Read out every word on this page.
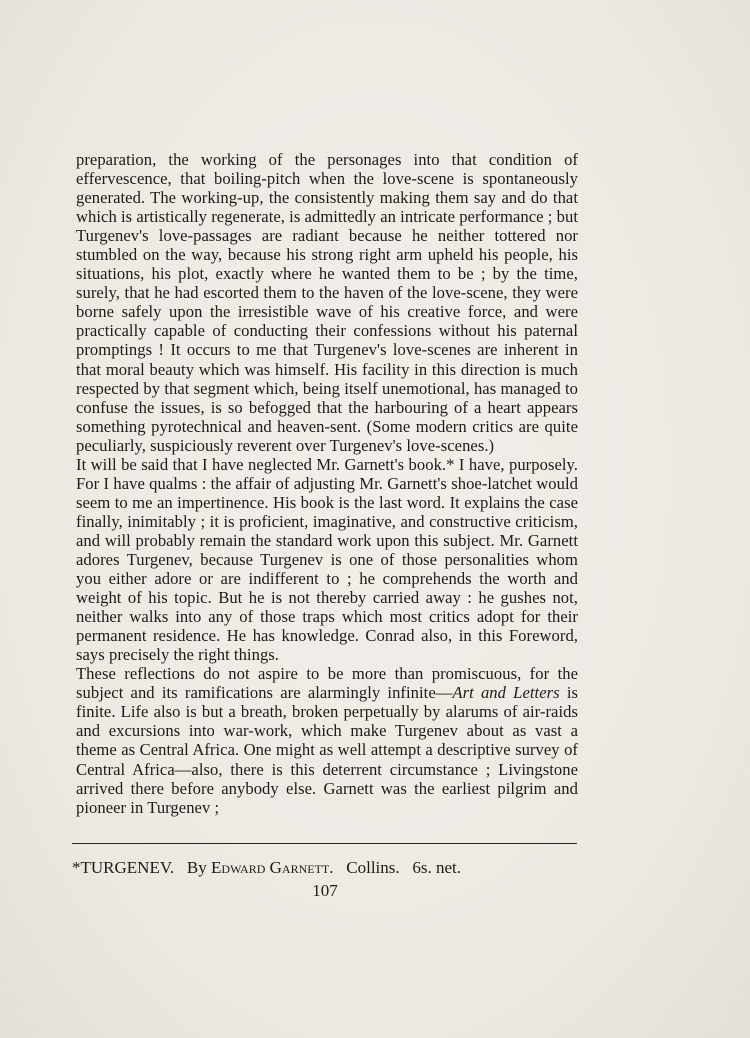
preparation, the working of the personages into that condition of effervescence, that boiling-pitch when the love-scene is spontaneously generated. The working-up, the consistently making them say and do that which is artistically regenerate, is admittedly an intricate performance ; but Turgenev's love-passages are radiant because he neither tottered nor stumbled on the way, because his strong right arm upheld his people, his situations, his plot, exactly where he wanted them to be ; by the time, surely, that he had escorted them to the haven of the love-scene, they were borne safely upon the irresistible wave of his creative force, and were practically capable of conducting their confessions without his paternal promptings ! It occurs to me that Turgenev's love-scenes are inherent in that moral beauty which was himself. His facility in this direction is much respected by that segment which, being itself unemotional, has managed to confuse the issues, is so befogged that the harbouring of a heart appears something pyrotechnical and heaven-sent. (Some modern critics are quite peculiarly, suspiciously reverent over Turgenev's love-scenes.)

It will be said that I have neglected Mr. Garnett's book.* I have, purposely. For I have qualms : the affair of adjusting Mr. Garnett's shoe-latchet would seem to me an impertinence. His book is the last word. It explains the case finally, inimitably ; it is proficient, imaginative, and constructive criticism, and will probably remain the standard work upon this subject. Mr. Garnett adores Turgenev, because Turgenev is one of those personalities whom you either adore or are indifferent to ; he comprehends the worth and weight of his topic. But he is not thereby carried away : he gushes not, neither walks into any of those traps which most critics adopt for their permanent residence. He has knowledge. Conrad also, in this Foreword, says precisely the right things.

These reflections do not aspire to be more than promiscuous, for the subject and its ramifications are alarmingly infinite—Art and Letters is finite. Life also is but a breath, broken perpetually by alarums of air-raids and excursions into war-work, which make Turgenev about as vast a theme as Central Africa. One might as well attempt a descriptive survey of Central Africa—also, there is this deterrent circumstance ; Livingstone arrived there before anybody else. Garnett was the earliest pilgrim and pioneer in Turgenev ;

*TURGENEV. By Edward Garnett. Collins. 6s. net.
107
